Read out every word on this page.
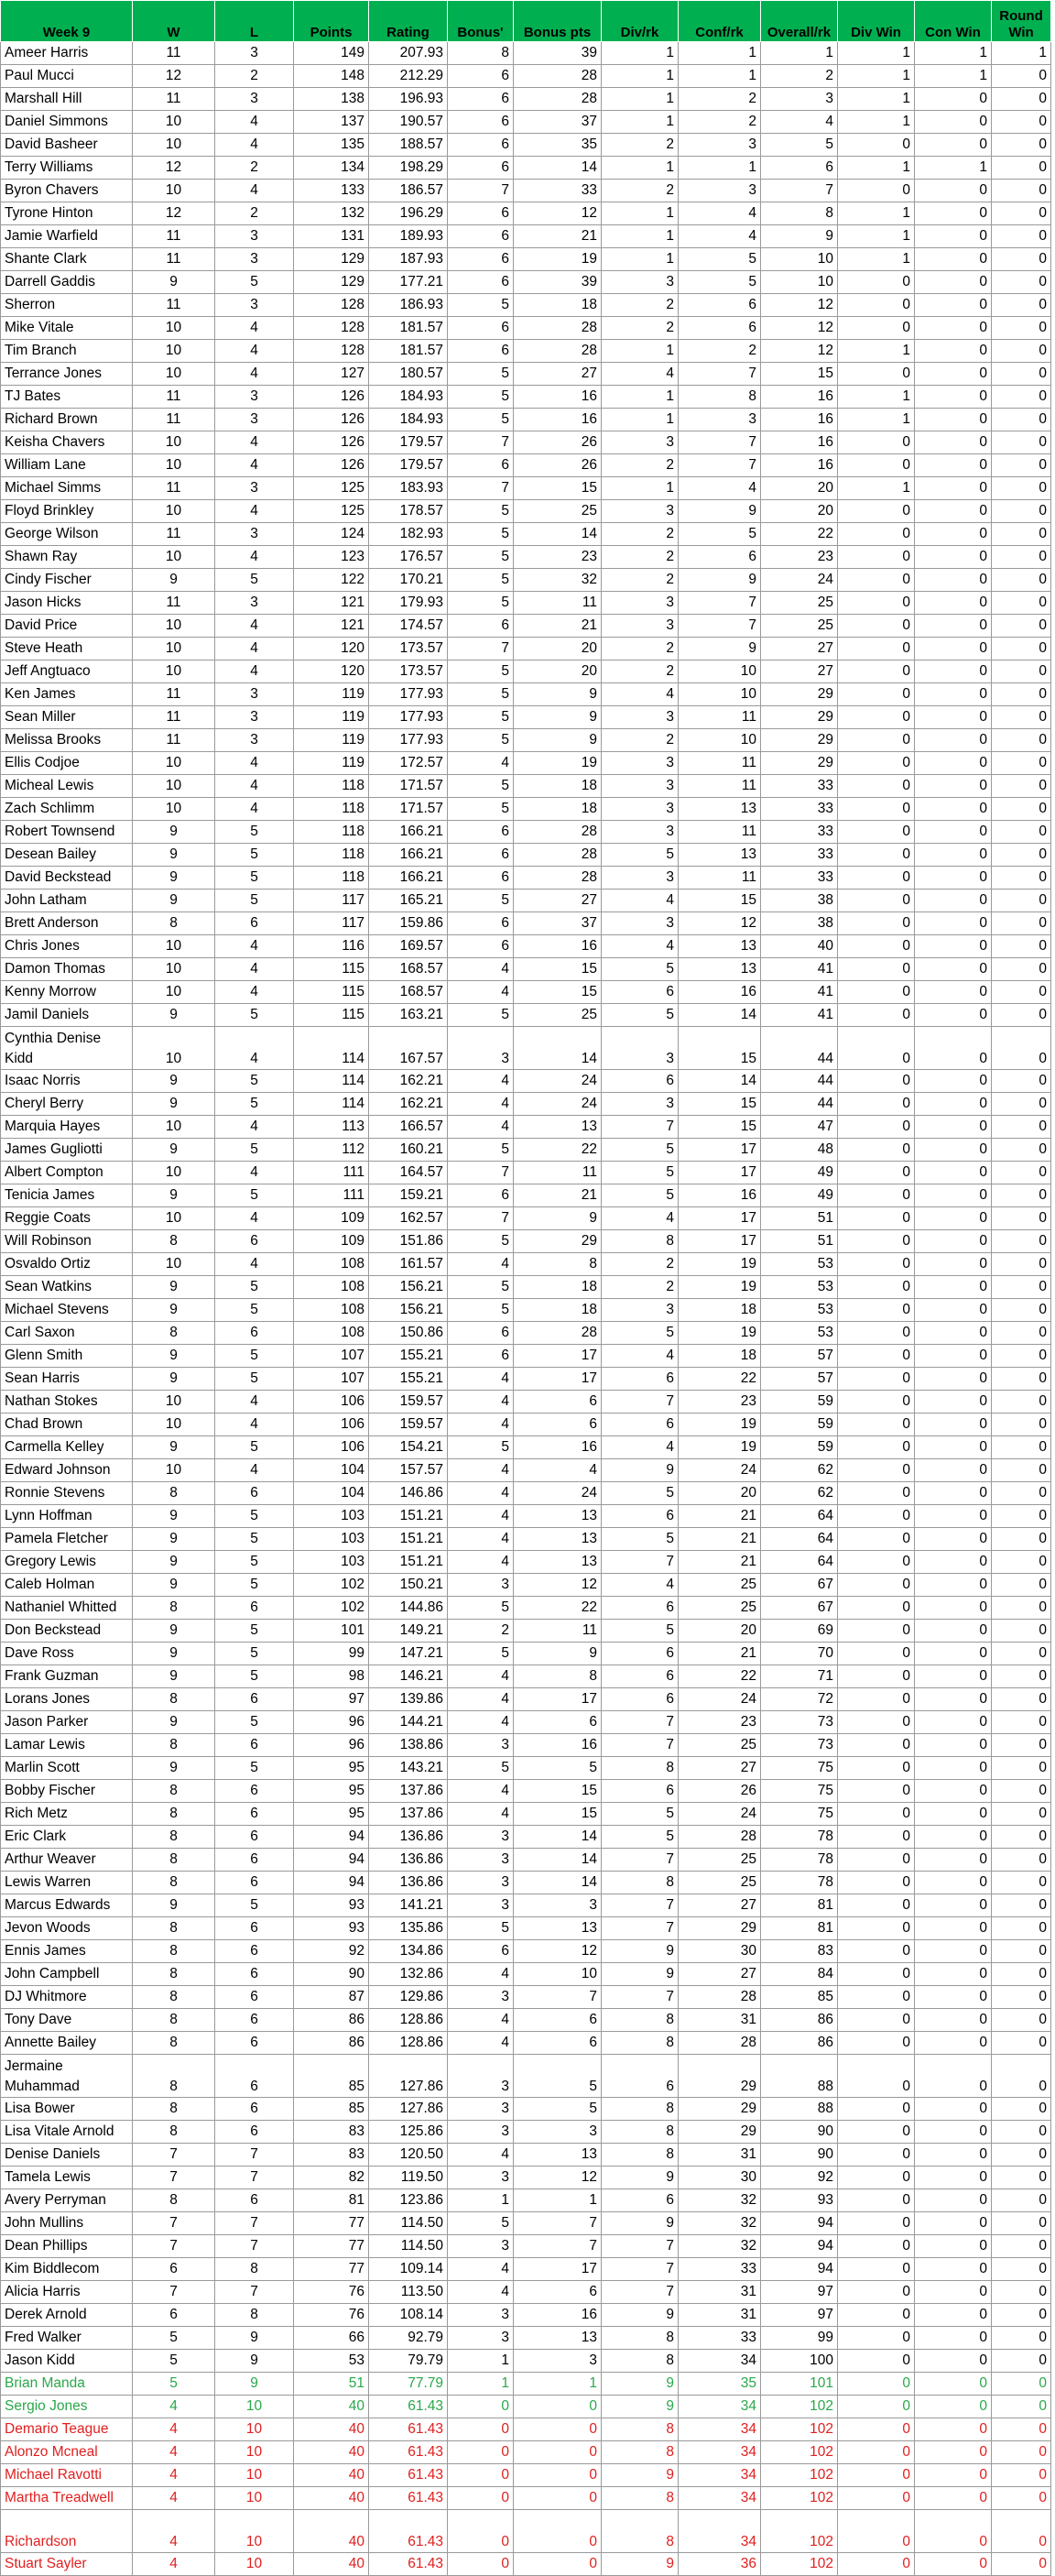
Week 9	W	L	Points	Rating	Bonus'	Bonus pts	Div/rk	Conf/rk	Overall/rk	Div Win	Con Win	Round Win
Ameer Harris	11	3	149	207.93	8	39	1	1	1	1	1	1
Paul Mucci	12	2	148	212.29	6	28	1	1	2	1	1	0
Marshall Hill	11	3	138	196.93	6	28	1	2	3	1	0	0
Daniel Simmons	10	4	137	190.57	6	37	1	2	4	1	0	0
David Basheer	10	4	135	188.57	6	35	2	3	5	0	0	0
Terry Williams	12	2	134	198.29	6	14	1	1	6	1	1	0
Byron Chavers	10	4	133	186.57	7	33	2	3	7	0	0	0
Tyrone Hinton	12	2	132	196.29	6	12	1	4	8	1	0	0
Jamie Warfield	11	3	131	189.93	6	21	1	4	9	1	0	0
Shante Clark	11	3	129	187.93	6	19	1	5	10	1	0	0
Darrell Gaddis	9	5	129	177.21	6	39	3	5	10	0	0	0
Sherron	11	3	128	186.93	5	18	2	6	12	0	0	0
Mike Vitale	10	4	128	181.57	6	28	2	6	12	0	0	0
Tim Branch	10	4	128	181.57	6	28	1	2	12	1	0	0
Terrance Jones	10	4	127	180.57	5	27	4	7	15	0	0	0
TJ Bates	11	3	126	184.93	5	16	1	8	16	1	0	0
Richard Brown	11	3	126	184.93	5	16	1	3	16	1	0	0
Keisha Chavers	10	4	126	179.57	7	26	3	7	16	0	0	0
William Lane	10	4	126	179.57	6	26	2	7	16	0	0	0
Michael Simms	11	3	125	183.93	7	15	1	4	20	1	0	0
Floyd Brinkley	10	4	125	178.57	5	25	3	9	20	0	0	0
George Wilson	11	3	124	182.93	5	14	2	5	22	0	0	0
Shawn Ray	10	4	123	176.57	5	23	2	6	23	0	0	0
Cindy Fischer	9	5	122	170.21	5	32	2	9	24	0	0	0
Jason Hicks	11	3	121	179.93	5	11	3	7	25	0	0	0
David Price	10	4	121	174.57	6	21	3	7	25	0	0	0
Steve Heath	10	4	120	173.57	7	20	2	9	27	0	0	0
Jeff Angtuaco	10	4	120	173.57	5	20	2	10	27	0	0	0
Ken James	11	3	119	177.93	5	9	4	10	29	0	0	0
Sean Miller	11	3	119	177.93	5	9	3	11	29	0	0	0
Melissa Brooks	11	3	119	177.93	5	9	2	10	29	0	0	0
Ellis Codjoe	10	4	119	172.57	4	19	3	11	29	0	0	0
Micheal Lewis	10	4	118	171.57	5	18	3	11	33	0	0	0
Zach Schlimm	10	4	118	171.57	5	18	3	13	33	0	0	0
Robert Townsend	9	5	118	166.21	6	28	3	11	33	0	0	0
Desean Bailey	9	5	118	166.21	6	28	5	13	33	0	0	0
David Beckstead	9	5	118	166.21	6	28	3	11	33	0	0	0
John Latham	9	5	117	165.21	5	27	4	15	38	0	0	0
Brett Anderson	8	6	117	159.86	6	37	3	12	38	0	0	0
Chris Jones	10	4	116	169.57	6	16	4	13	40	0	0	0
Damon Thomas	10	4	115	168.57	4	15	5	13	41	0	0	0
Kenny Morrow	10	4	115	168.57	4	15	6	16	41	0	0	0
Jamil Daniels	9	5	115	163.21	5	25	5	14	41	0	0	0
Cynthia Denise Kidd	10	4	114	167.57	3	14	3	15	44	0	0	0
Isaac Norris	9	5	114	162.21	4	24	6	14	44	0	0	0
Cheryl Berry	9	5	114	162.21	4	24	3	15	44	0	0	0
Marquia Hayes	10	4	113	166.57	4	13	7	15	47	0	0	0
James Gugliotti	9	5	112	160.21	5	22	5	17	48	0	0	0
Albert Compton	10	4	111	164.57	7	11	5	17	49	0	0	0
Tenicia James	9	5	111	159.21	6	21	5	16	49	0	0	0
Reggie Coats	10	4	109	162.57	7	9	4	17	51	0	0	0
Will Robinson	8	6	109	151.86	5	29	8	17	51	0	0	0
Osvaldo Ortiz	10	4	108	161.57	4	8	2	19	53	0	0	0
Sean Watkins	9	5	108	156.21	5	18	2	19	53	0	0	0
Michael Stevens	9	5	108	156.21	5	18	3	18	53	0	0	0
Carl Saxon	8	6	108	150.86	6	28	5	19	53	0	0	0
Glenn Smith	9	5	107	155.21	6	17	4	18	57	0	0	0
Sean Harris	9	5	107	155.21	4	17	6	22	57	0	0	0
Nathan Stokes	10	4	106	159.57	4	6	7	23	59	0	0	0
Chad Brown	10	4	106	159.57	4	6	6	19	59	0	0	0
Carmella Kelley	9	5	106	154.21	5	16	4	19	59	0	0	0
Edward Johnson	10	4	104	157.57	4	4	9	24	62	0	0	0
Ronnie Stevens	8	6	104	146.86	4	24	5	20	62	0	0	0
Lynn Hoffman	9	5	103	151.21	4	13	6	21	64	0	0	0
Pamela Fletcher	9	5	103	151.21	4	13	5	21	64	0	0	0
Gregory Lewis	9	5	103	151.21	4	13	7	21	64	0	0	0
Caleb Holman	9	5	102	150.21	3	12	4	25	67	0	0	0
Nathaniel Whitted	8	6	102	144.86	5	22	6	25	67	0	0	0
Don Beckstead	9	5	101	149.21	2	11	5	20	69	0	0	0
Dave Ross	9	5	99	147.21	5	9	6	21	70	0	0	0
Frank Guzman	9	5	98	146.21	4	8	6	22	71	0	0	0
Lorans Jones	8	6	97	139.86	4	17	6	24	72	0	0	0
Jason Parker	9	5	96	144.21	4	6	7	23	73	0	0	0
Lamar Lewis	8	6	96	138.86	3	16	7	25	73	0	0	0
Marlin Scott	9	5	95	143.21	5	5	8	27	75	0	0	0
Bobby Fischer	8	6	95	137.86	4	15	6	26	75	0	0	0
Rich Metz	8	6	95	137.86	4	15	5	24	75	0	0	0
Eric Clark	8	6	94	136.86	3	14	5	28	78	0	0	0
Arthur Weaver	8	6	94	136.86	3	14	7	25	78	0	0	0
Lewis Warren	8	6	94	136.86	3	14	8	25	78	0	0	0
Marcus Edwards	9	5	93	141.21	3	3	7	27	81	0	0	0
Jevon Woods	8	6	93	135.86	5	13	7	29	81	0	0	0
Ennis James	8	6	92	134.86	6	12	9	30	83	0	0	0
John Campbell	8	6	90	132.86	4	10	9	27	84	0	0	0
DJ Whitmore	8	6	87	129.86	3	7	7	28	85	0	0	0
Tony Dave	8	6	86	128.86	4	6	8	31	86	0	0	0
Annette Bailey	8	6	86	128.86	4	6	8	28	86	0	0	0
Jermaine Muhammad	8	6	85	127.86	3	5	6	29	88	0	0	0
Lisa Bower	8	6	85	127.86	3	5	8	29	88	0	0	0
Lisa Vitale Arnold	8	6	83	125.86	3	3	8	29	90	0	0	0
Denise Daniels	7	7	83	120.50	4	13	8	31	90	0	0	0
Tamela Lewis	7	7	82	119.50	3	12	9	30	92	0	0	0
Avery Perryman	8	6	81	123.86	1	1	6	32	93	0	0	0
John Mullins	7	7	77	114.50	5	7	9	32	94	0	0	0
Dean Phillips	7	7	77	114.50	3	7	7	32	94	0	0	0
Kim Biddlecom	6	8	77	109.14	4	17	7	33	94	0	0	0
Alicia Harris	7	7	76	113.50	4	6	7	31	97	0	0	0
Derek Arnold	6	8	76	108.14	3	16	9	31	97	0	0	0
Fred Walker	5	9	66	92.79	3	13	8	33	99	0	0	0
Jason Kidd	5	9	53	79.79	1	3	8	34	100	0	0	0
Brian Manda	5	9	51	77.79	1	1	9	35	101	0	0	0
Sergio Jones	4	10	40	61.43	0	0	9	34	102	0	0	0
Demario Teague	4	10	40	61.43	0	0	8	34	102	0	0	0
Alonzo Mcneal	4	10	40	61.43	0	0	8	34	102	0	0	0
Michael Ravotti	4	10	40	61.43	0	0	9	34	102	0	0	0
Martha Treadwell	4	10	40	61.43	0	0	8	34	102	0	0	0
Richardson	4	10	40	61.43	0	0	8	34	102	0	0	0
Stuart Sayler	4	10	40	61.43	0	0	9	36	102	0	0	0
